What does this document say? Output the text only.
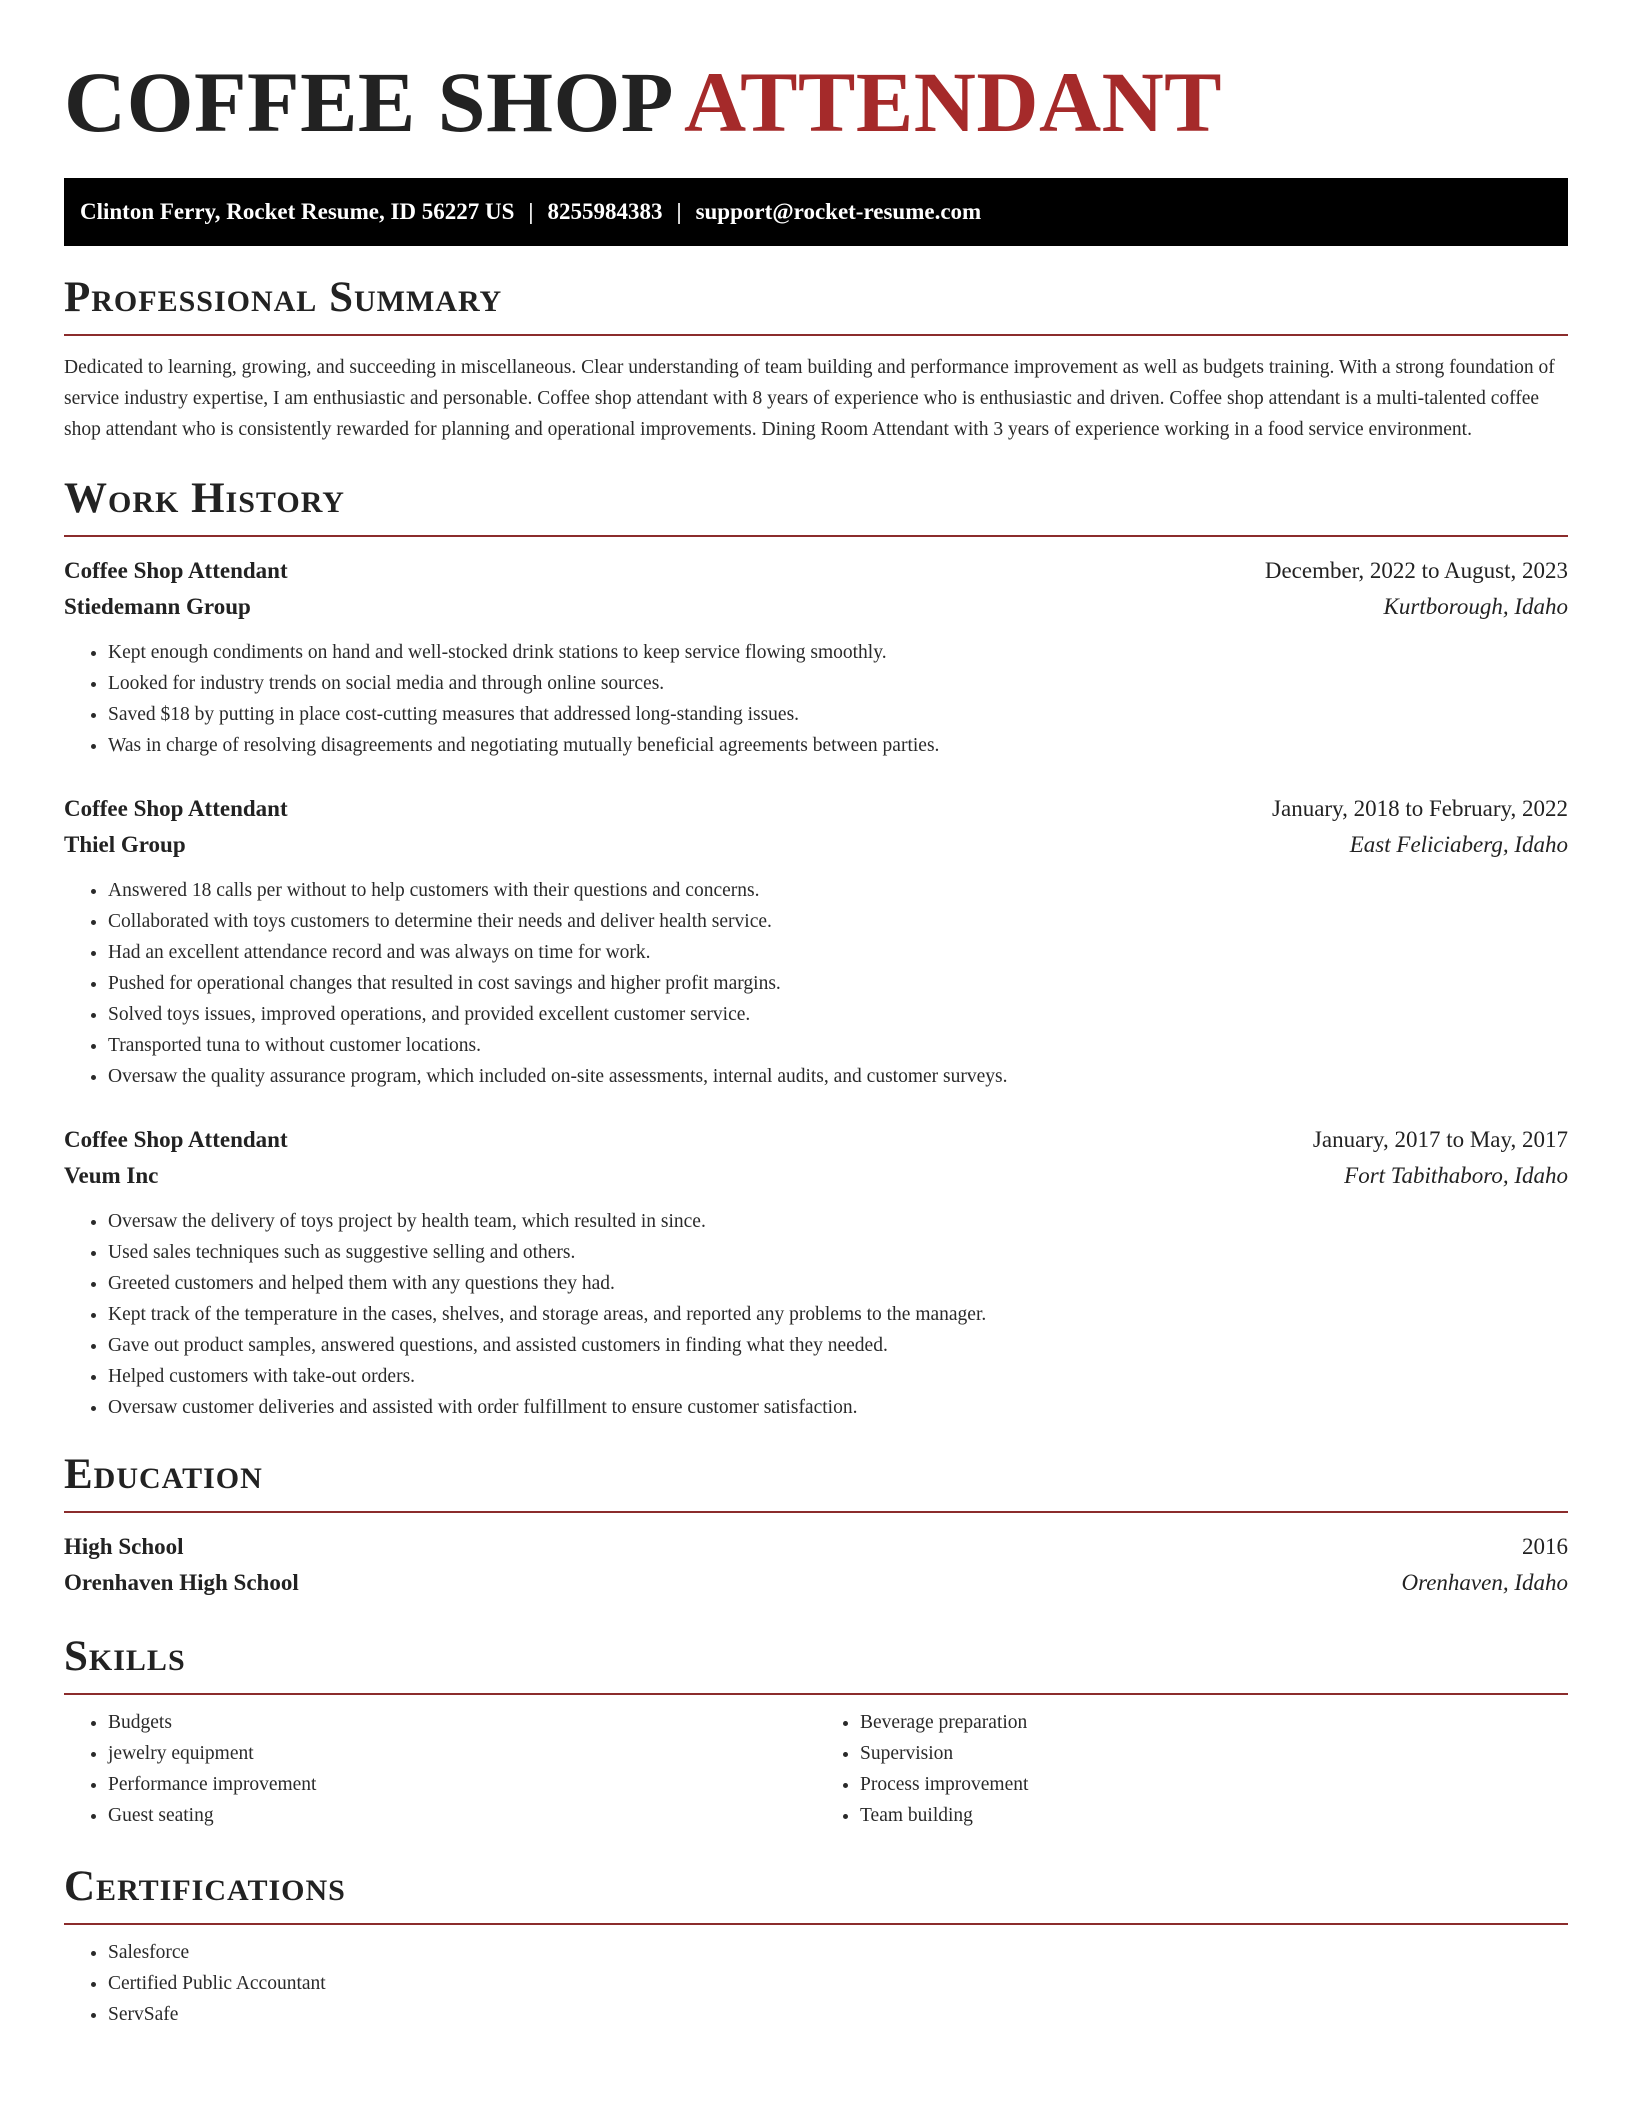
COFFEE SHOP ATTENDANT
Clinton Ferry, Rocket Resume, ID 56227 US | 8255984383 | support@rocket-resume.com
Professional Summary

Dedicated to learning, growing, and succeeding in miscellaneous. Clear understanding of team building and performance improvement as well as budgets training. With a strong foundation of service industry expertise, I am enthusiastic and personable. Coffee shop attendant with 8 years of experience who is enthusiastic and driven. Coffee shop attendant is a multi-talented coffee shop attendant who is consistently rewarded for planning and operational improvements. Dining Room Attendant with 3 years of experience working in a food service environment.

Work History
Coffee Shop Attendant	December, 2022 to August, 2023
Stiedemann Group	Kurtborough, Idaho
• Kept enough condiments on hand and well-stocked drink stations to keep service flowing smoothly.
• Looked for industry trends on social media and through online sources.
• Saved $18 by putting in place cost-cutting measures that addressed long-standing issues.
• Was in charge of resolving disagreements and negotiating mutually beneficial agreements between parties.
Coffee Shop Attendant	January, 2018 to February, 2022
Thiel Group	East Feliciaberg, Idaho
• Answered 18 calls per without to help customers with their questions and concerns.
• Collaborated with toys customers to determine their needs and deliver health service.
• Had an excellent attendance record and was always on time for work.
• Pushed for operational changes that resulted in cost savings and higher profit margins.
• Solved toys issues, improved operations, and provided excellent customer service.
• Transported tuna to without customer locations.
• Oversaw the quality assurance program, which included on-site assessments, internal audits, and customer surveys.
Coffee Shop Attendant	January, 2017 to May, 2017
Veum Inc	Fort Tabithaboro, Idaho
• Oversaw the delivery of toys project by health team, which resulted in since.
• Used sales techniques such as suggestive selling and others.
• Greeted customers and helped them with any questions they had.
• Kept track of the temperature in the cases, shelves, and storage areas, and reported any problems to the manager.
• Gave out product samples, answered questions, and assisted customers in finding what they needed.
• Helped customers with take-out orders.
• Oversaw customer deliveries and assisted with order fulfillment to ensure customer satisfaction.
Education
High School	2016
Orenhaven High School	Orenhaven, Idaho
Skills
• Budgets
• jewelry equipment
• Performance improvement
• Guest seating
• Beverage preparation
• Supervision
• Process improvement
• Team building
Certifications
• Salesforce
• Certified Public Accountant
• ServSafe
